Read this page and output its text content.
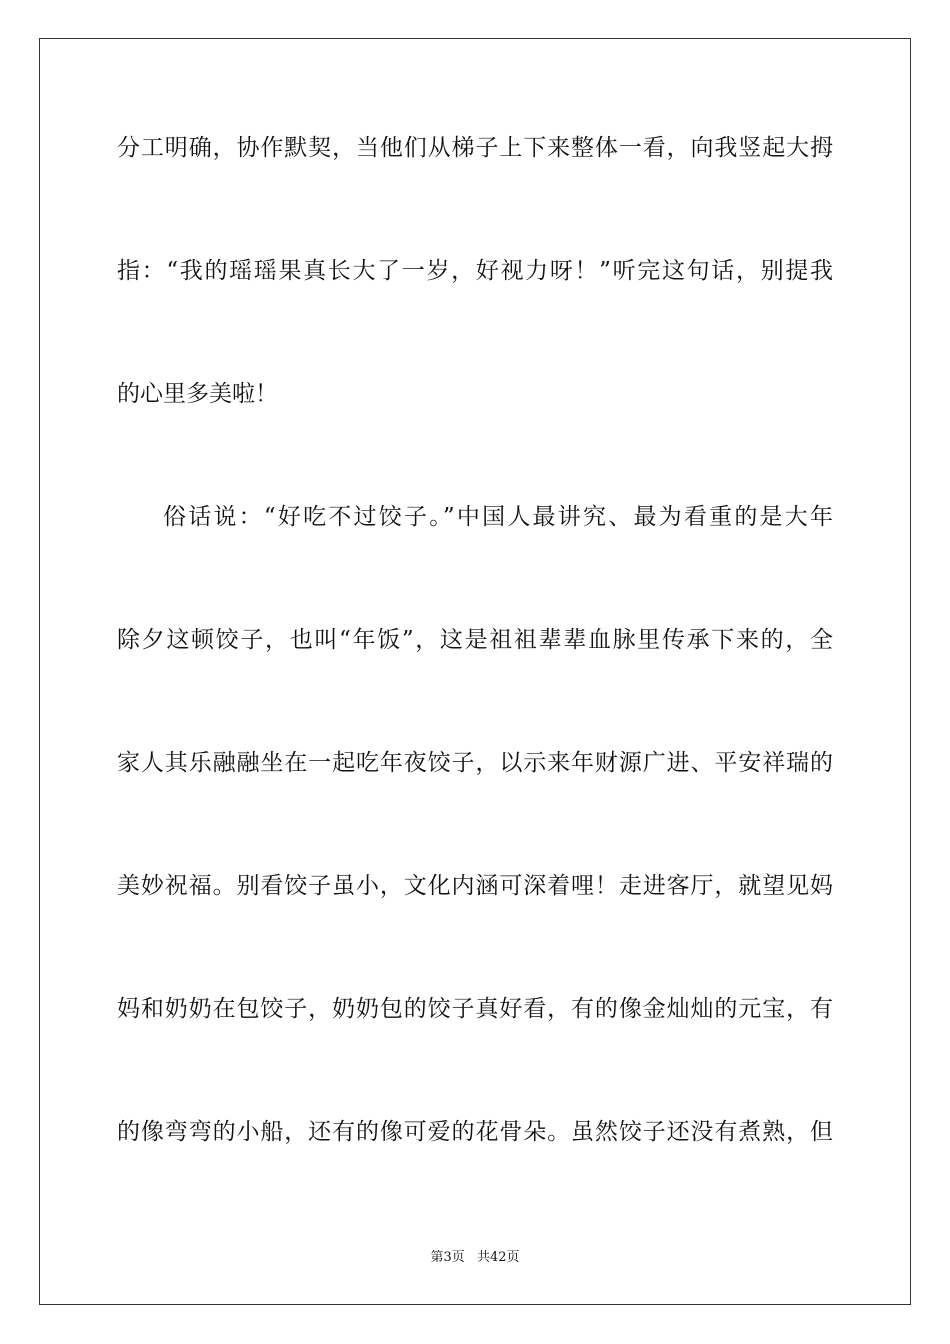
分工明确，协作默契，当他们从梯子上下来整体一看，向我竖起大拇
指：“我的瑶瑶果真长大了一岁，好视力呀！”听完这句话，别提我
的心里多美啦！
俗话说：“好吃不过饺子。”中国人最讲究、最为看重的是大年
除夕这顿饺子，也叫“年饭”，这是祖祖辈辈血脉里传承下来的，全
家人其乐融融坐在一起吃年夜饺子，以示来年财源广进、平安祥瑞的
美妙祝福。别看饺子虽小，文化内涵可深着哩！走进客厅，就望见妈
妈和奶奶在包饺子，奶奶包的饺子真好看，有的像金灿灿的元宝，有
的像弯弯的小船，还有的像可爱的花骨朵。虽然饺子还没有煮熟，但
第3页 共42页
